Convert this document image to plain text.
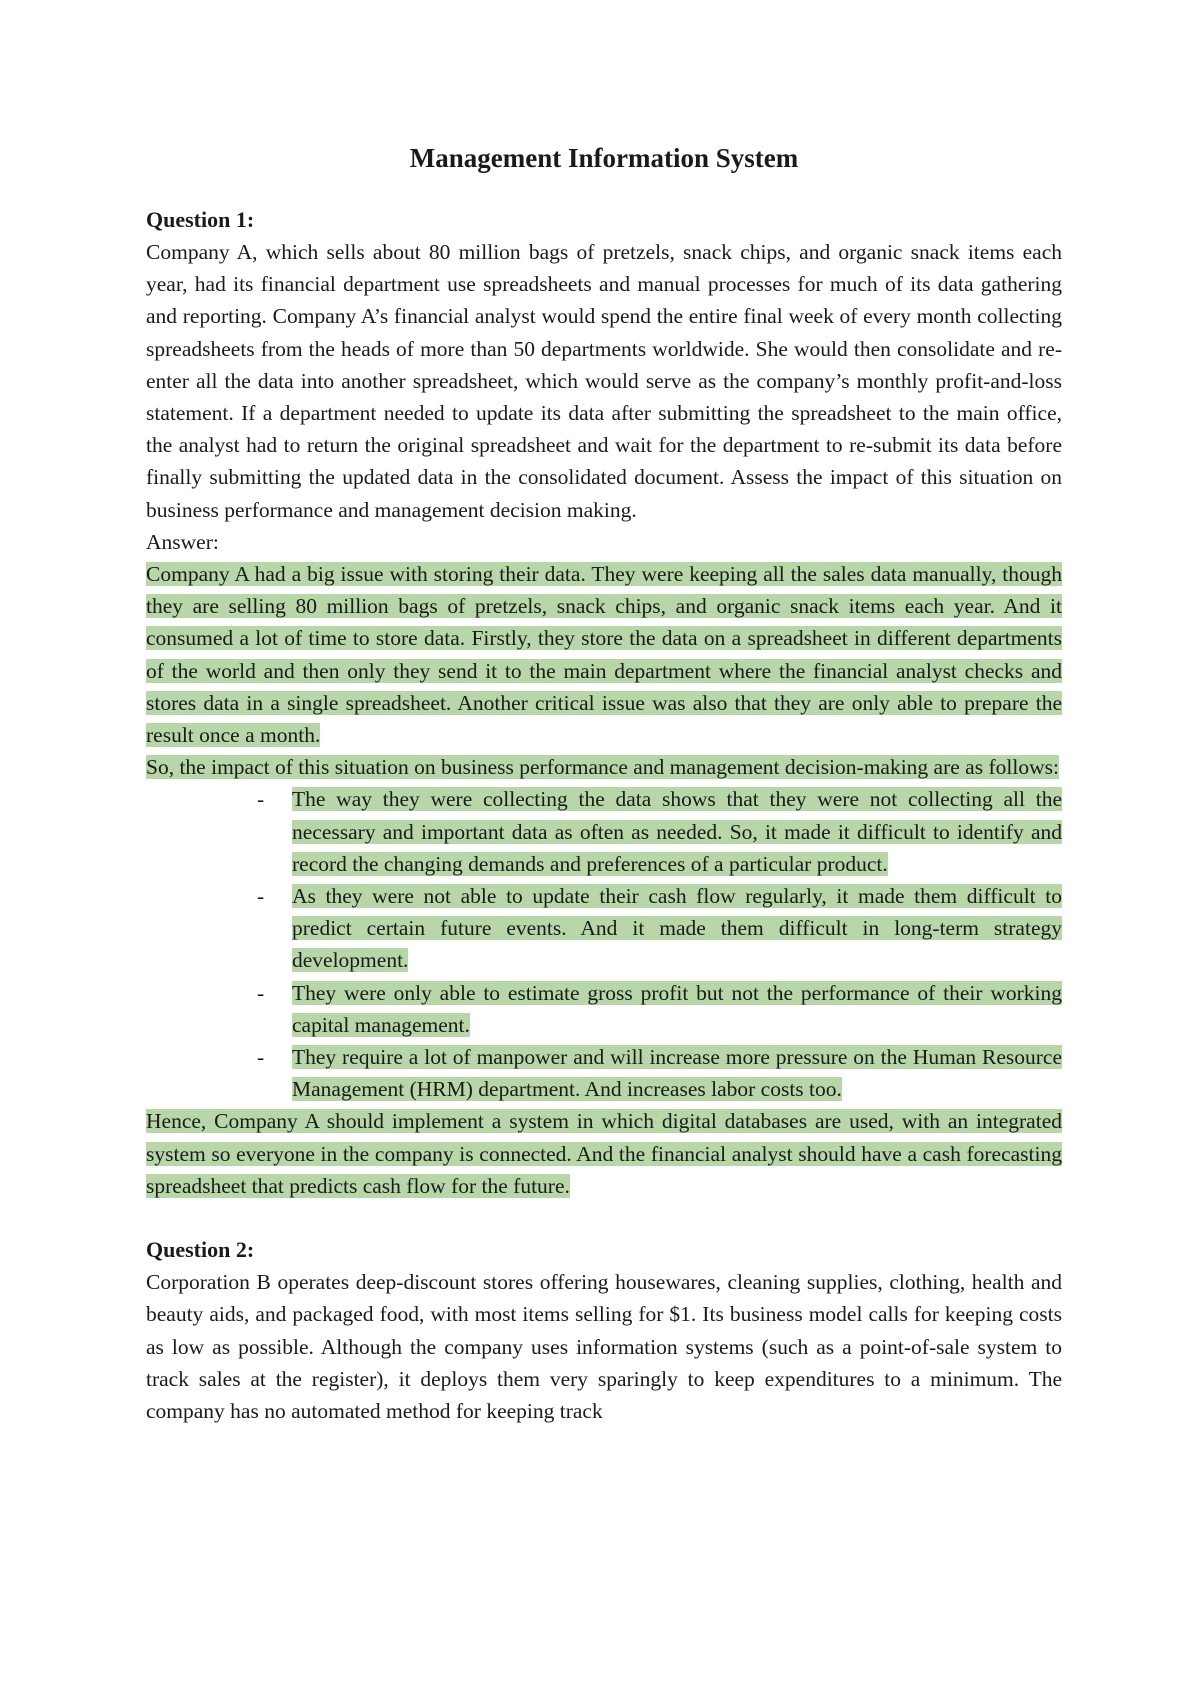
Management Information System

Question 1:

Company A, which sells about 80 million bags of pretzels, snack chips, and organic snack items each year, had its financial department use spreadsheets and manual processes for much of its data gathering and reporting. Company A’s financial analyst would spend the entire final week of every month collecting spreadsheets from the heads of more than 50 departments worldwide. She would then consolidate and re-enter all the data into another spreadsheet, which would serve as the company’s monthly profit-and-loss statement. If a department needed to update its data after submitting the spreadsheet to the main office, the analyst had to return the original spreadsheet and wait for the department to re-submit its data before finally submitting the updated data in the consolidated document. Assess the impact of this situation on business performance and management decision making.

Answer:

Company A had a big issue with storing their data. They were keeping all the sales data manually, though they are selling 80 million bags of pretzels, snack chips, and organic snack items each year. And it consumed a lot of time to store data. Firstly, they store the data on a spreadsheet in different departments of the world and then only they send it to the main department where the financial analyst checks and stores data in a single spreadsheet. Another critical issue was also that they are only able to prepare the result once a month.

So, the impact of this situation on business performance and management decision-making are as follows:

- The way they were collecting the data shows that they were not collecting all the necessary and important data as often as needed. So, it made it difficult to identify and record the changing demands and preferences of a particular product.
- As they were not able to update their cash flow regularly, it made them difficult to predict certain future events. And it made them difficult in long-term strategy development.
- They were only able to estimate gross profit but not the performance of their working capital management.
- They require a lot of manpower and will increase more pressure on the Human Resource Management (HRM) department. And increases labor costs too.

Hence, Company A should implement a system in which digital databases are used, with an integrated system so everyone in the company is connected. And the financial analyst should have a cash forecasting spreadsheet that predicts cash flow for the future.

Question 2:

Corporation B operates deep-discount stores offering housewares, cleaning supplies, clothing, health and beauty aids, and packaged food, with most items selling for $1. Its business model calls for keeping costs as low as possible. Although the company uses information systems (such as a point-of-sale system to track sales at the register), it deploys them very sparingly to keep expenditures to a minimum. The company has no automated method for keeping track
